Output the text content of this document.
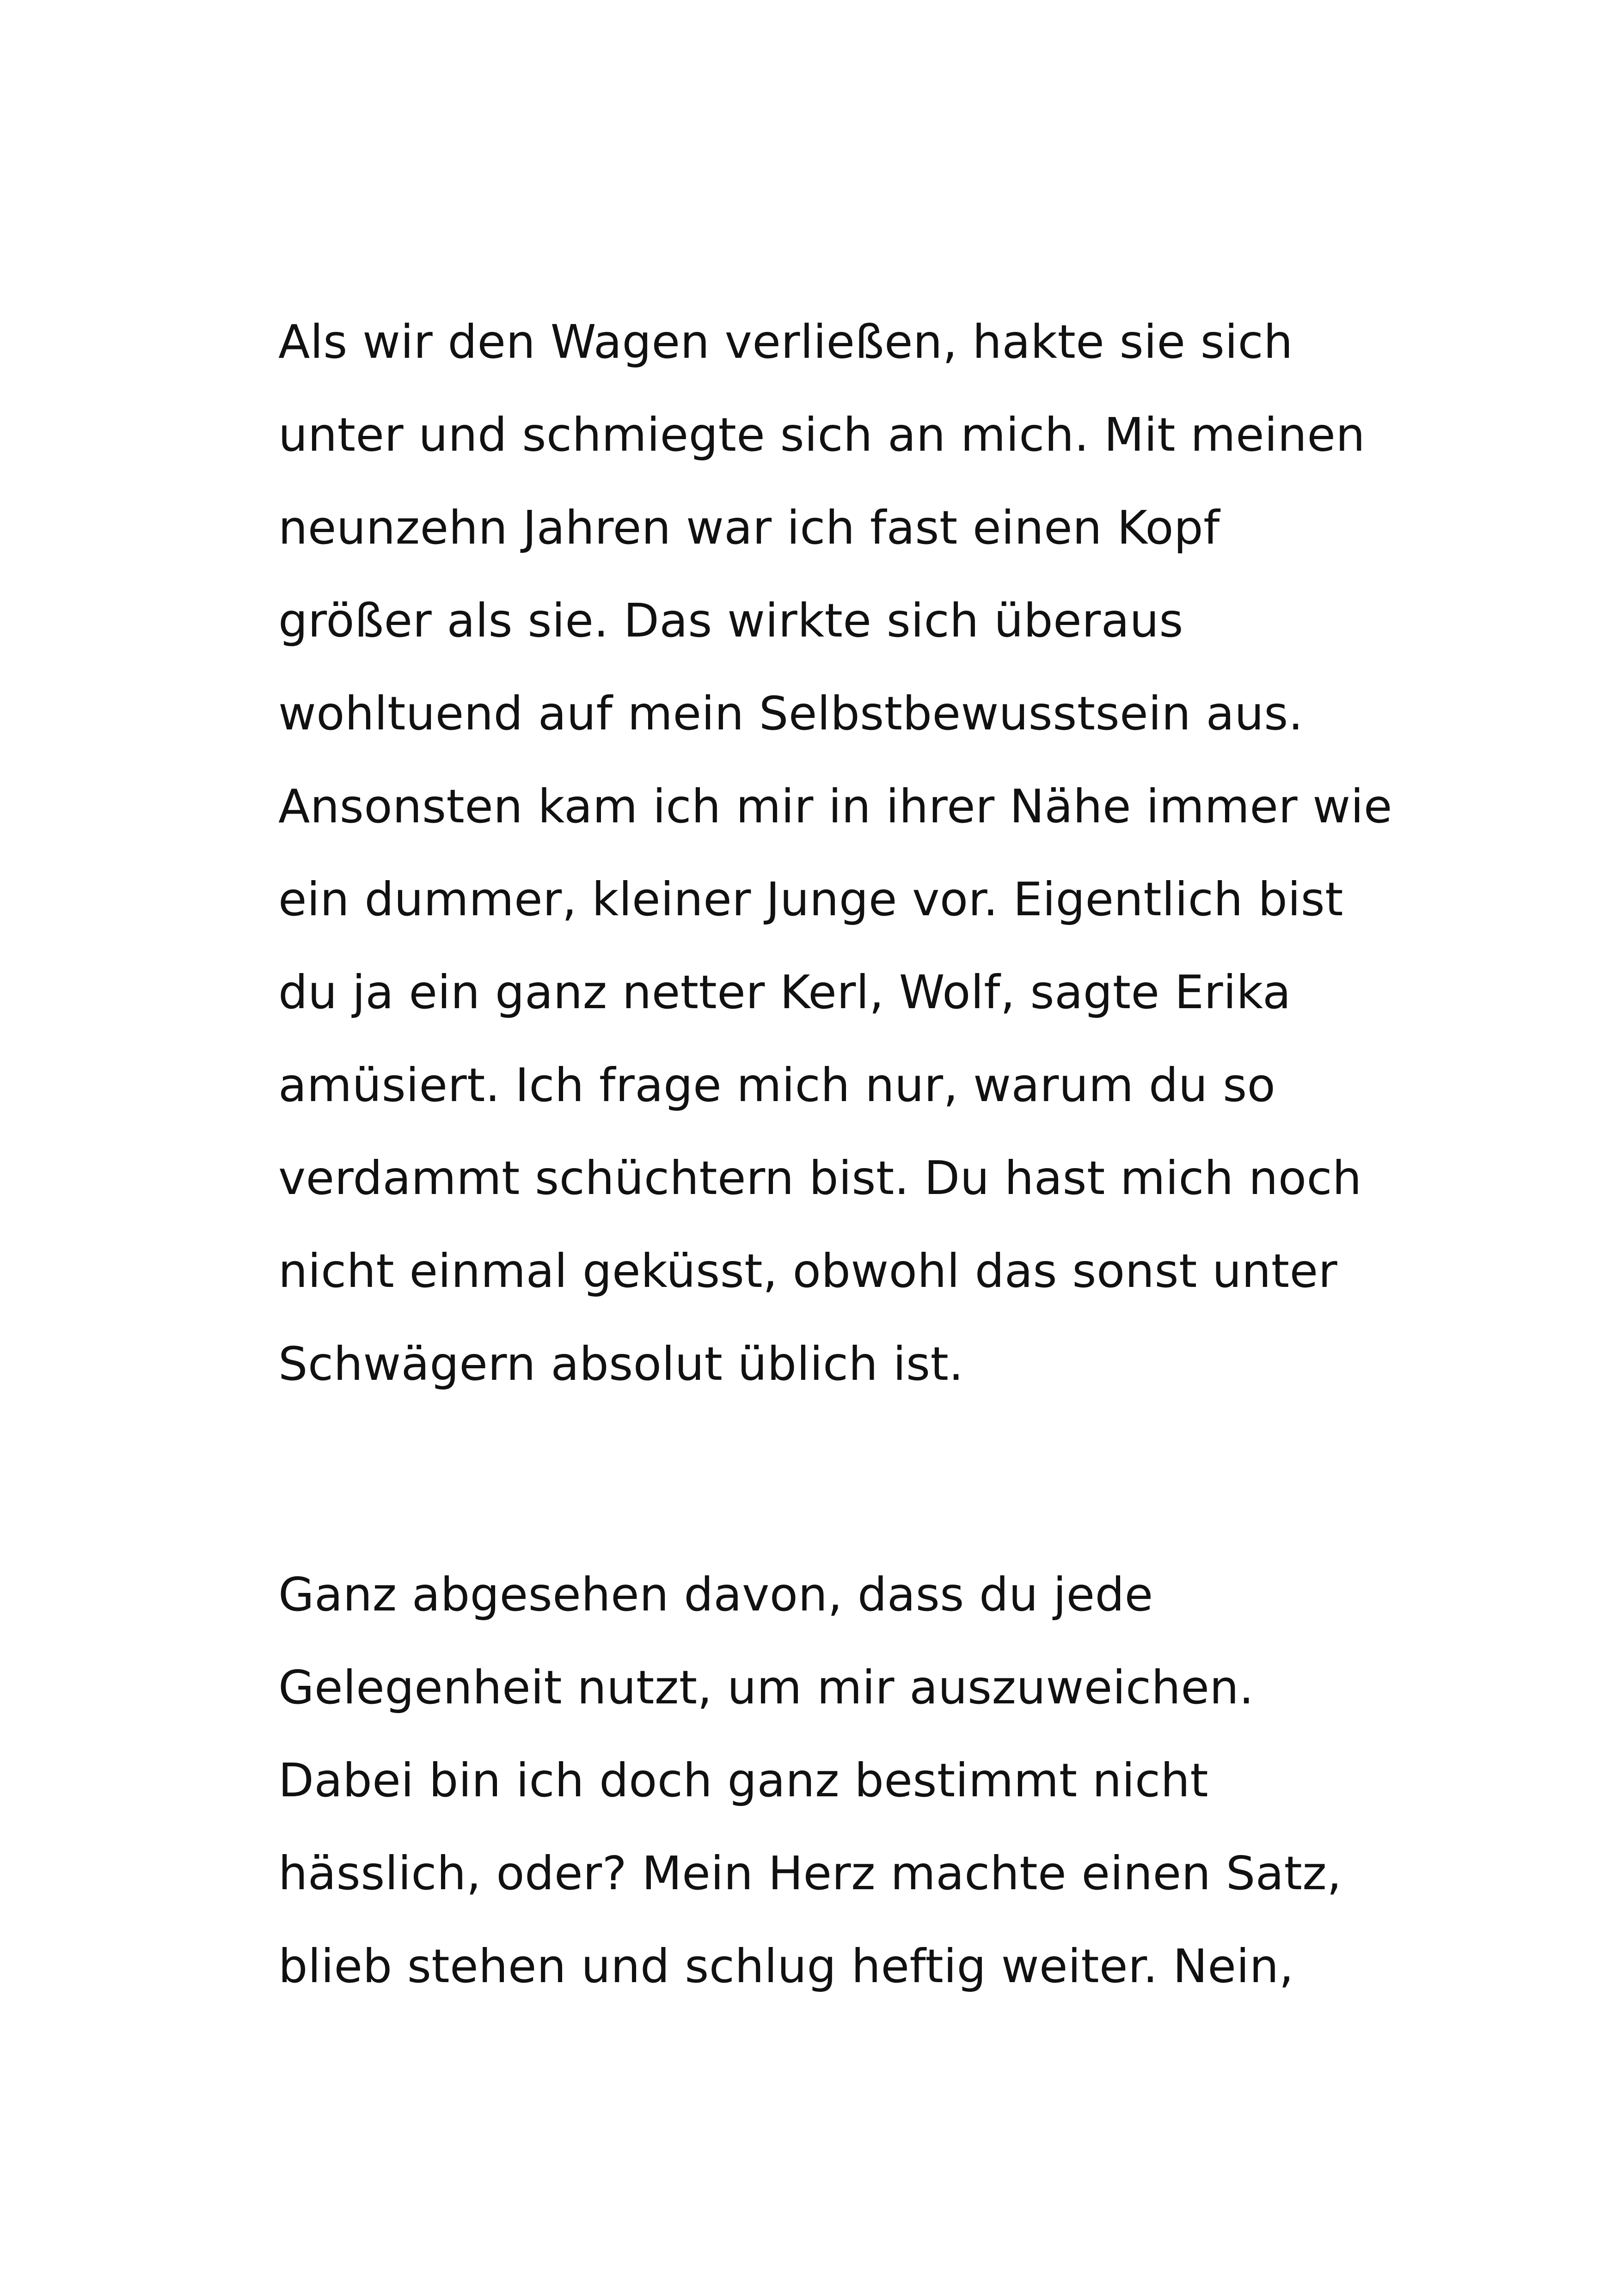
Als wir den Wagen verließen, hakte sie sich
unter und schmiegte sich an mich. Mit meinen
neunzehn Jahren war ich fast einen Kopf
größer als sie. Das wirkte sich überaus
wohltuend auf mein Selbstbewusstsein aus.
Ansonsten kam ich mir in ihrer Nähe immer wie
ein dummer, kleiner Junge vor. Eigentlich bist
du ja ein ganz netter Kerl, Wolf, sagte Erika
amüsiert. Ich frage mich nur, warum du so
verdammt schüchtern bist. Du hast mich noch
nicht einmal geküsst, obwohl das sonst unter
Schwägern absolut üblich ist.
Ganz abgesehen davon, dass du jede
Gelegenheit nutzt, um mir auszuweichen.
Dabei bin ich doch ganz bestimmt nicht
hässlich, oder? Mein Herz machte einen Satz,
blieb stehen und schlug heftig weiter. Nein,
